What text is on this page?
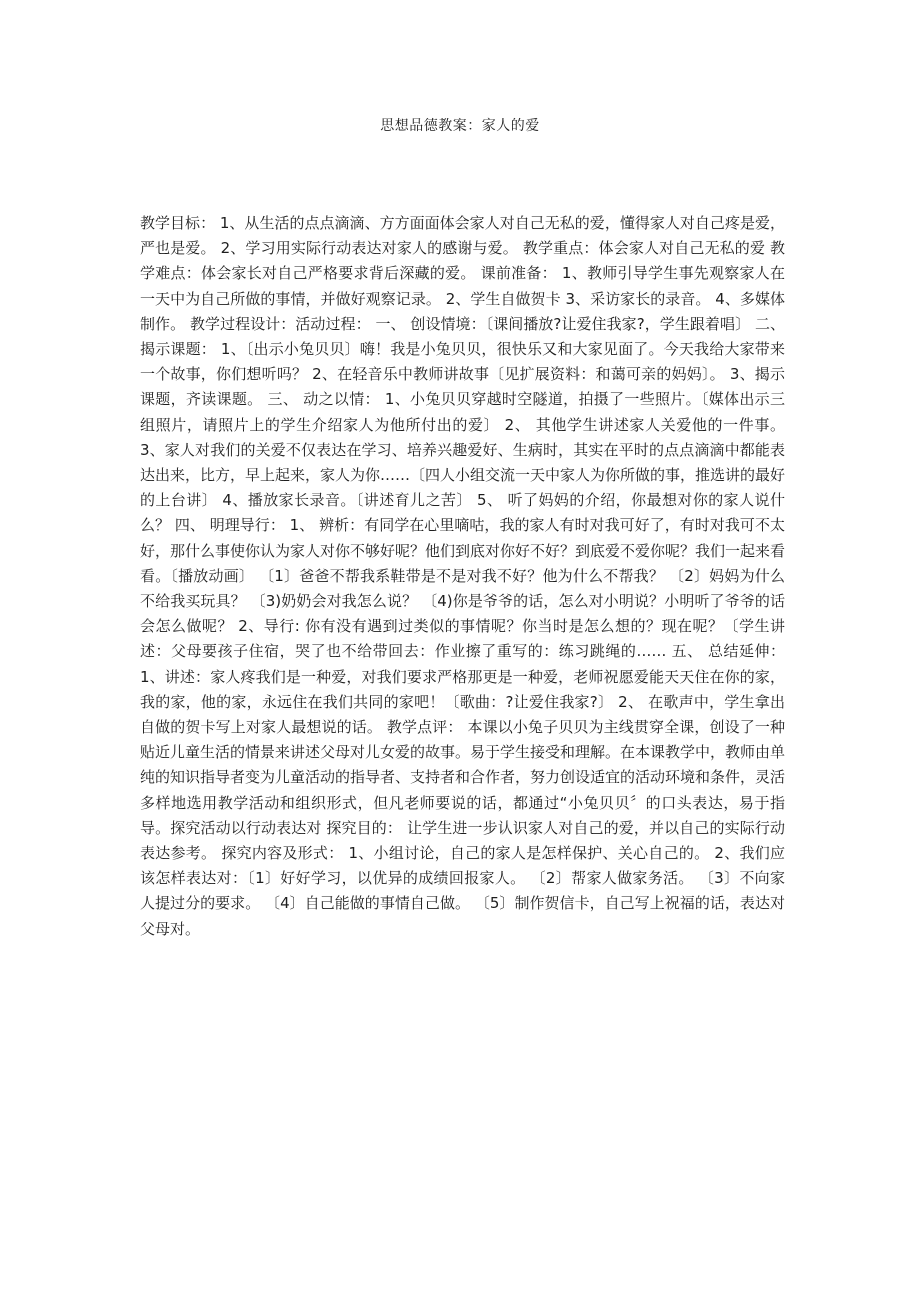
思想品德教案：家人的爱

教学目标： 1、从生活的点点滴滴、方方面面体会家人对自己无私的爱，懂得家人对自己疼是爱，严也是爱。 2、学习用实际行动表达对家人的感谢与爱。 教学重点：体会家人对自己无私的爱 教学难点：体会家长对自己严格要求背后深藏的爱。 课前准备： 1、教师引导学生事先观察家人在一天中为自己所做的事情，并做好观察记录。 2、学生自做贺卡 3、采访家长的录音。 4、多媒体制作。 教学过程设计：活动过程： 一、 创设情境：〔课间播放?让爱住我家?，学生跟着唱〕 二、 揭示课题： 1、〔出示小兔贝贝〕嗨！我是小兔贝贝，很快乐又和大家见面了。今天我给大家带来一个故事，你们想听吗？ 2、在轻音乐中教师讲故事〔见扩展资料：和蔼可亲的妈妈〕。 3、揭示课题，齐读课题。 三、 动之以情： 1、小兔贝贝穿越时空隧道，拍摄了一些照片。〔媒体出示三组照片，请照片上的学生介绍家人为他所付出的爱〕 2、 其他学生讲述家人关爱他的一件事。 3、家人对我们的关爱不仅表达在学习、培养兴趣爱好、生病时，其实在平时的点点滴滴中都能表达出来，比方，早上起来，家人为你……〔四人小组交流一天中家人为你所做的事，推选讲的最好的上台讲〕 4、播放家长录音。〔讲述育儿之苦〕 5、 听了妈妈的介绍，你最想对你的家人说什么？ 四、 明理导行： 1、 辨析：有同学在心里嘀咕，我的家人有时对我可好了，有时对我可不太好，那什么事使你认为家人对你不够好呢？他们到底对你好不好？到底爱不爱你呢？我们一起来看看。〔播放动画〕 〔1〕爸爸不帮我系鞋带是不是对我不好？他为什么不帮我？ 〔2〕妈妈为什么不给我买玩具？ 〔3)奶奶会对我怎么说？ 〔4)你是爷爷的话，怎么对小明说？小明听了爷爷的话会怎么做呢？ 2、导行: 你有没有遇到过类似的事情呢？你当时是怎么想的？现在呢？〔学生讲述：父母要孩子住宿，哭了也不给带回去：作业擦了重写的：练习跳绳的…… 五、 总结延伸： 1、讲述：家人疼我们是一种爱，对我们要求严格那更是一种爱，老师祝愿爱能天天住在你的家，我的家，他的家，永远住在我们共同的家吧！〔歌曲：?让爱住我家?〕 2、 在歌声中，学生拿出自做的贺卡写上对家人最想说的话。 教学点评： 本课以小兔子贝贝为主线贯穿全课，创设了一种贴近儿童生活的情景来讲述父母对儿女爱的故事。易于学生接受和理解。在本课教学中，教师由单纯的知识指导者变为儿童活动的指导者、支持者和合作者，努力创设适宜的活动环境和条件，灵活多样地选用教学活动和组织形式，但凡老师要说的话，都通过“小兔贝贝〞的口头表达，易于指导。探究活动以行动表达对 探究目的： 让学生进一步认识家人对自己的爱，并以自己的实际行动表达参考。 探究内容及形式： 1、小组讨论，自己的家人是怎样保护、关心自己的。 2、我们应该怎样表达对：〔1〕好好学习，以优异的成绩回报家人。 〔2〕帮家人做家务活。 〔3〕不向家人提过分的要求。 〔4〕自己能做的事情自己做。 〔5〕制作贺信卡，自己写上祝福的话，表达对父母对。
